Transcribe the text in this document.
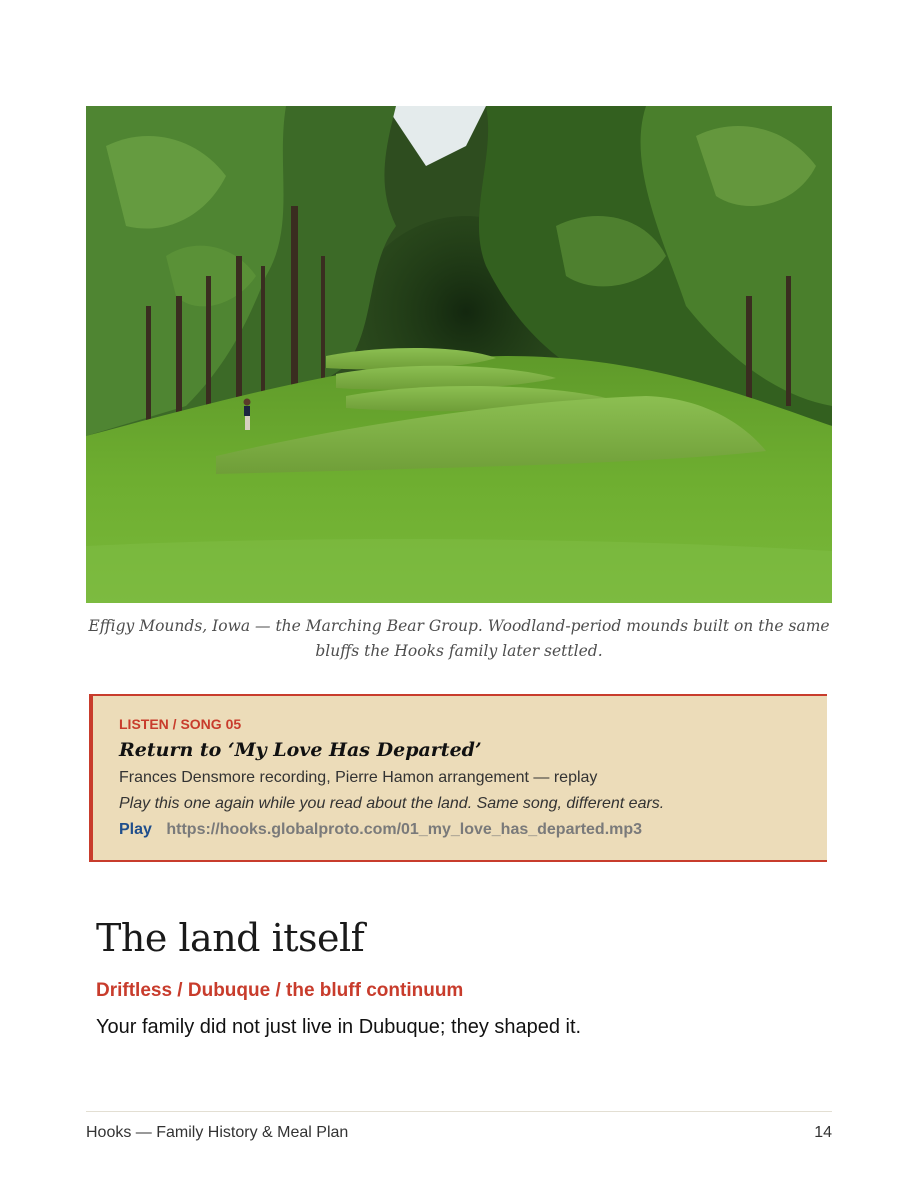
Effigy Mounds, Iowa — the Marching Bear Group. Woodland-period mounds built on the same bluffs the Hooks family later settled.
LISTEN / SONG 05
Return to ‘My Love Has Departed’
Frances Densmore recording, Pierre Hamon arrangement — replay
Play this one again while you read about the land. Same song, different ears.
Play https://hooks.globalproto.com/01_my_love_has_departed.mp3
The land itself
Driftless / Dubuque / the bluff continuum

Your family did not just live in Dubuque; they shaped it.

Hooks — Family History & Meal Plan	14
